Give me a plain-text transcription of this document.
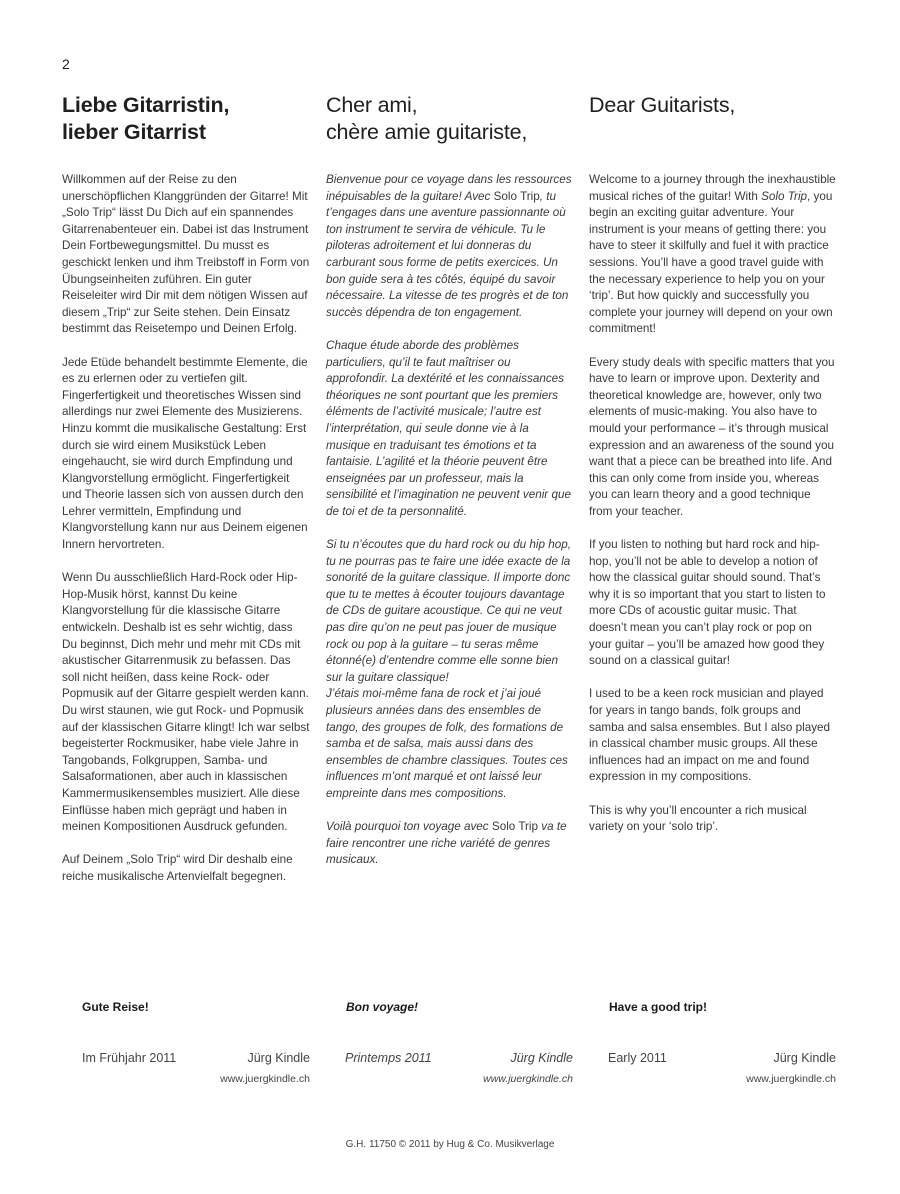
2
Liebe Gitarristin,
lieber Gitarrist

Willkommen auf der Reise zu den unerschöpflichen Klanggründen der Gitarre! Mit „Solo Trip“ lässt Du Dich auf ein spannendes Gitarrenabenteuer ein. Dabei ist das Instrument Dein Fortbewegungsmittel. Du musst es geschickt lenken und ihm Treibstoff in Form von Übungseinheiten zuführen. Ein guter Reiseleiter wird Dir mit dem nötigen Wissen auf diesem „Trip“ zur Seite stehen. Dein Einsatz bestimmt das Reisetempo und Deinen Erfolg.

Jede Etüde behandelt bestimmte Elemente, die es zu erlernen oder zu vertiefen gilt. Fingerfertigkeit und theoretisches Wissen sind allerdings nur zwei Elemente des Musizierens. Hinzu kommt die musikalische Gestaltung: Erst durch sie wird einem Musikstück Leben eingehaucht, sie wird durch Empfindung und Klangvorstellung ermöglicht. Fingerfertigkeit und Theorie lassen sich von aussen durch den Lehrer vermitteln, Empfindung und Klangvorstellung kann nur aus Deinem eigenen Innern hervortreten.

Wenn Du ausschließlich Hard-Rock oder Hip-Hop-Musik hörst, kannst Du keine Klangvorstellung für die klassische Gitarre entwickeln. Deshalb ist es sehr wichtig, dass Du beginnst, Dich mehr und mehr mit CDs mit akustischer Gitarrenmusik zu befassen. Das soll nicht heißen, dass keine Rock- oder Popmusik auf der Gitarre gespielt werden kann. Du wirst staunen, wie gut Rock- und Popmusik auf der klassischen Gitarre klingt! Ich war selbst begeisterter Rockmusiker, habe viele Jahre in Tangobands, Folkgruppen, Samba- und Salsaformationen, aber auch in klassischen Kammermusikensembles musiziert. Alle diese Einflüsse haben mich geprägt und haben in meinen Kompositionen Ausdruck gefunden.

Auf Deinem „Solo Trip“ wird Dir deshalb eine reiche musikalische Artenvielfalt begegnen.

Cher ami,
chère amie guitariste,

Bienvenue pour ce voyage dans les ressources inépuisables de la guitare! Avec Solo Trip, tu t’engages dans une aventure passionnante où ton instrument te servira de véhicule. Tu le piloteras adroitement et lui donneras du carburant sous forme de petits exercices. Un bon guide sera à tes côtés, équipé du savoir nécessaire. La vitesse de tes progrès et de ton succès dépendra de ton engagement.

Chaque étude aborde des problèmes particuliers, qu’il te faut maîtriser ou approfondir. La dextérité et les connaissances théoriques ne sont pourtant que les premiers éléments de l’activité musicale; l’autre est l’interprétation, qui seule donne vie à la musique en traduisant tes émotions et ta fantaisie. L’agilité et la théorie peuvent être enseignées par un professeur, mais la sensibilité et l’imagination ne peuvent venir que de toi et de ta personnalité.

Si tu n’écoutes que du hard rock ou du hip hop, tu ne pourras pas te faire une idée exacte de la sonorité de la guitare classique. Il importe donc que tu te mettes à écouter toujours davantage de CDs de guitare acoustique. Ce qui ne veut pas dire qu’on ne peut pas jouer de musique rock ou pop à la guitare – tu seras même étonné(e) d’entendre comme elle sonne bien sur la guitare classique!

J’étais moi-même fana de rock et j’ai joué plusieurs années dans des ensembles de tango, des groupes de folk, des formations de samba et de salsa, mais aussi dans des ensembles de chambre classiques. Toutes ces influences m’ont marqué et ont laissé leur empreinte dans mes compositions.

Voilà pourquoi ton voyage avec Solo Trip va te faire rencontrer une riche variété de genres musicaux.

Dear Guitarists,

Welcome to a journey through the inexhaustible musical riches of the guitar! With Solo Trip, you begin an exciting guitar adventure. Your instrument is your means of getting there: you have to steer it skilfully and fuel it with practice sessions. You’ll have a good travel guide with the necessary experience to help you on your ‘trip’. But how quickly and successfully you complete your journey will depend on your own commitment!

Every study deals with specific matters that you have to learn or improve upon. Dexterity and theoretical knowledge are, however, only two elements of music-making. You also have to mould your performance – it’s through musical expression and an awareness of the sound you want that a piece can be breathed into life. And this can only come from inside you, whereas you can learn theory and a good technique from your teacher.

If you listen to nothing but hard rock and hip-hop, you’ll not be able to develop a notion of how the classical guitar should sound. That’s why it is so important that you start to listen to more CDs of acoustic guitar music. That doesn’t mean you can’t play rock or pop on your guitar – you’ll be amazed how good they sound on a classical guitar!

I used to be a keen rock musician and played for years in tango bands, folk groups and samba and salsa ensembles. But I also played in classical chamber music groups. All these influences had an impact on me and found expression in my compositions.

This is why you’ll encounter a rich musical variety on your ‘solo trip’.

Gute Reise!	Bon voyage!	Have a good trip!
Im Frühjahr 2011	Jürg Kindle
www.juergkindle.ch
Printemps 2011	Jürg Kindle
www.juergkindle.ch
Early 2011	Jürg Kindle
www.juergkindle.ch
G.H. 11750 © 2011 by Hug & Co. Musikverlage
